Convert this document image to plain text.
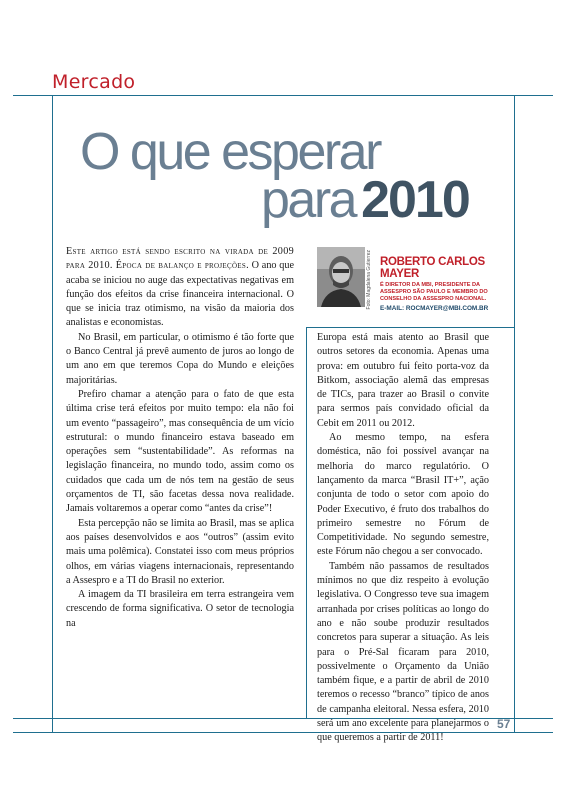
Mercado
O que esperar
para 2010

Este artigo está sendo escrito na virada de 2009 para 2010. Época de balanço e projeções. O ano que acaba se iniciou no auge das expectativas negativas em função dos efeitos da crise financeira internacional. O que se inicia traz otimismo, na visão da maioria dos analistas e economistas.

No Brasil, em particular, o otimismo é tão forte que o Banco Central já prevê aumento de juros ao longo de um ano em que teremos Copa do Mundo e eleições majoritárias.

Prefiro chamar a atenção para o fato de que esta última crise terá efeitos por muito tempo: ela não foi um evento “passageiro”, mas consequência de um vício estrutural: o mundo financeiro estava baseado em operações sem “sustentabilidade”. As reformas na legislação financeira, no mundo todo, assim como os cuidados que cada um de nós tem na gestão de seus orçamentos de TI, são facetas dessa nova realidade. Jamais voltaremos a operar como “antes da crise”!

Esta percepção não se limita ao Brasil, mas se aplica aos países desenvolvidos e aos “outros” (assim evito mais uma polêmica). Constatei isso com meus próprios olhos, em várias viagens internacionais, representando a Assespro e a TI do Brasil no exterior.

A imagem da TI brasileira em terra estrangeira vem crescendo de forma significativa. O setor de tecnologia na

Foto: Magdalena Gutierrez ROBERTO CARLOS MAYER
É DIRETOR DA MBI, PRESIDENTE DA ASSESPRO SÃO PAULO E MEMBRO DO CONSELHO DA ASSESPRO NACIONAL.
E-MAIL: ROCMAYER@MBI.COM.BR

Europa está mais atento ao Brasil que outros setores da economia. Apenas uma prova: em outubro fui feito porta-voz da Bitkom, associação alemã das empresas de TICs, para trazer ao Brasil o convite para sermos país convidado oficial da Cebit em 2011 ou 2012.

Ao mesmo tempo, na esfera doméstica, não foi possível avançar na melhoria do marco regulatório. O lançamento da marca “Brasil IT+”, ação conjunta de todo o setor com apoio do Poder Executivo, é fruto dos trabalhos do primeiro semestre no Fórum de Competitividade. No segundo semestre, este Fórum não chegou a ser convocado.

Também não passamos de resultados mínimos no que diz respeito à evolução legislativa. O Congresso teve sua imagem arranhada por crises políticas ao longo do ano e não soube produzir resultados concretos para superar a situação. As leis para o Pré-Sal ficaram para 2010, possivelmente o Orçamento da União também fique, e a partir de abril de 2010 teremos o recesso “branco” típico de anos de campanha eleitoral. Nessa esfera, 2010 será um ano excelente para planejarmos o que queremos a partir de 2011!

57
